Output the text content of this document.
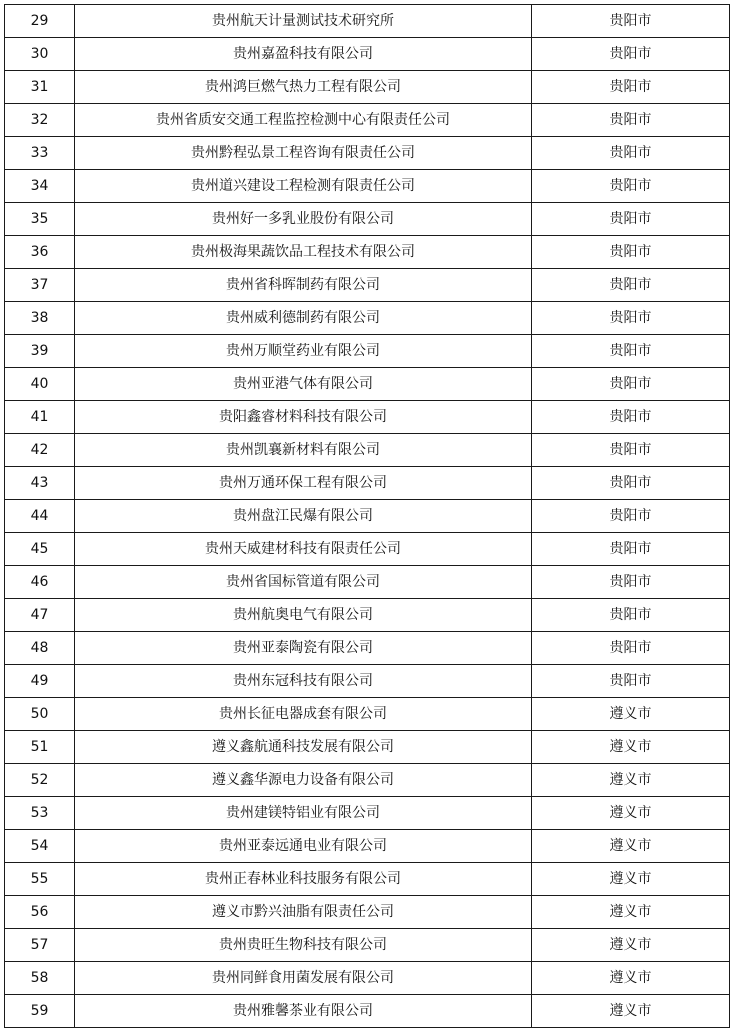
29	贵州航天计量测试技术研究所	贵阳市
30	贵州嘉盈科技有限公司	贵阳市
31	贵州鸿巨燃气热力工程有限公司	贵阳市
32	贵州省质安交通工程监控检测中心有限责任公司	贵阳市
33	贵州黔程弘景工程咨询有限责任公司	贵阳市
34	贵州道兴建设工程检测有限责任公司	贵阳市
35	贵州好一多乳业股份有限公司	贵阳市
36	贵州极海果蔬饮品工程技术有限公司	贵阳市
37	贵州省科晖制药有限公司	贵阳市
38	贵州威利德制药有限公司	贵阳市
39	贵州万顺堂药业有限公司	贵阳市
40	贵州亚港气体有限公司	贵阳市
41	贵阳鑫睿材料科技有限公司	贵阳市
42	贵州凯襄新材料有限公司	贵阳市
43	贵州万通环保工程有限公司	贵阳市
44	贵州盘江民爆有限公司	贵阳市
45	贵州天威建材科技有限责任公司	贵阳市
46	贵州省国标管道有限公司	贵阳市
47	贵州航奥电气有限公司	贵阳市
48	贵州亚泰陶瓷有限公司	贵阳市
49	贵州东冠科技有限公司	贵阳市
50	贵州长征电器成套有限公司	遵义市
51	遵义鑫航通科技发展有限公司	遵义市
52	遵义鑫华源电力设备有限公司	遵义市
53	贵州建镁特铝业有限公司	遵义市
54	贵州亚泰远通电业有限公司	遵义市
55	贵州正春林业科技服务有限公司	遵义市
56	遵义市黔兴油脂有限责任公司	遵义市
57	贵州贵旺生物科技有限公司	遵义市
58	贵州同鲜食用菌发展有限公司	遵义市
59	贵州雅馨茶业有限公司	遵义市
